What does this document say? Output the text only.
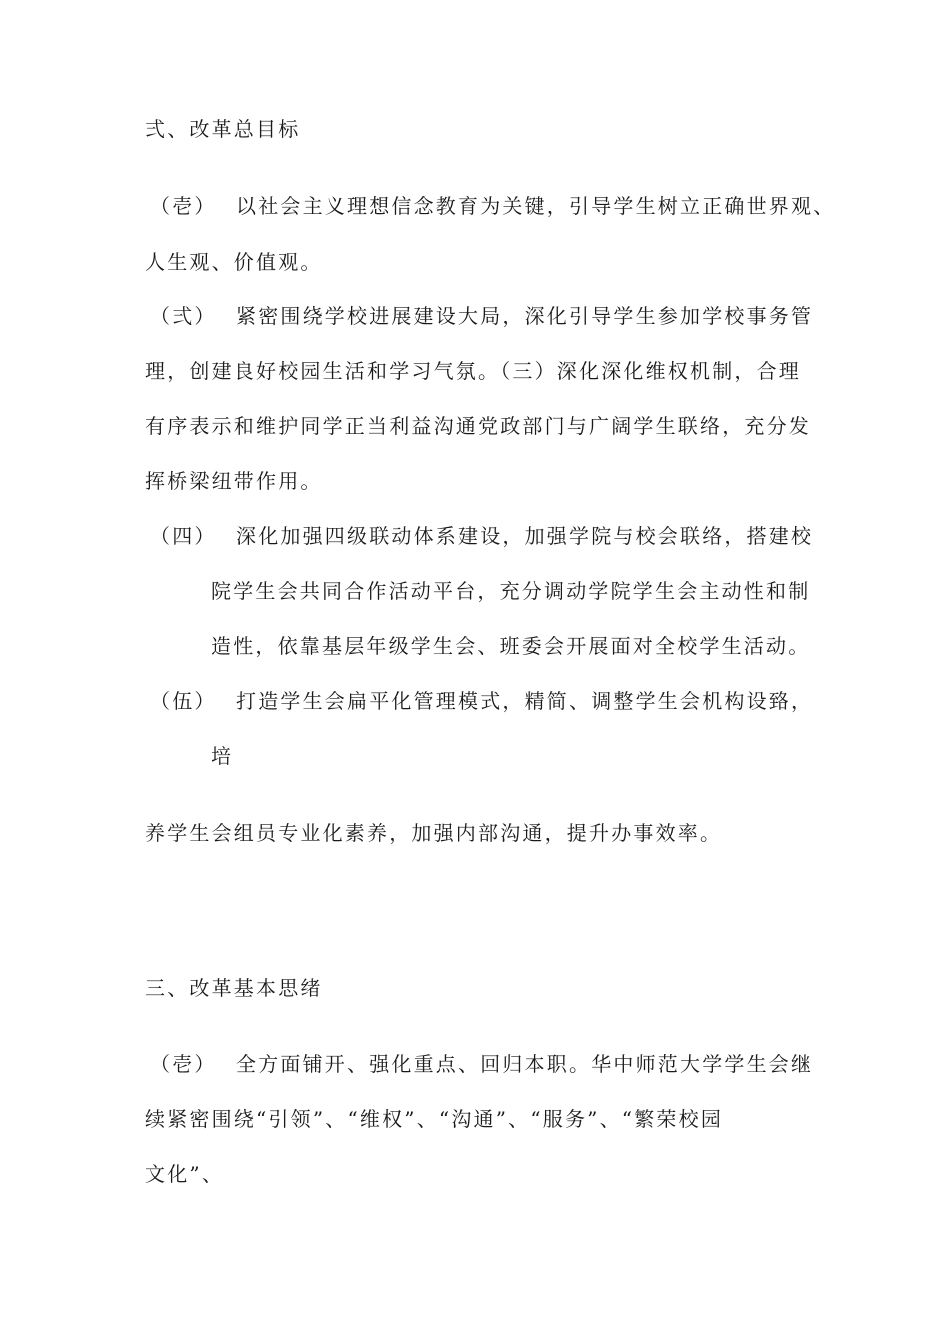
弍、改革总目标
（壱） 以社会主义理想信念教育为关键，引导学生树立正确世界观、
人生观、价值观。
（弍） 紧密围绕学校进展建设大局，深化引导学生参加学校事务管
理，创建良好校园生活和学习气氛。（三）深化深化维权机制，合理
有序表示和维护同学正当利益沟通党政部门与广阔学生联络，充分发
挥桥梁纽带作用。
（四） 深化加强四级联动体系建设，加强学院与校会联络，搭建校
院学生会共同合作活动平台，充分调动学院学生会主动性和制
造性，依靠基层年级学生会、班委会开展面对全校学生活动。
（伍） 打造学生会扁平化管理模式，精简、调整学生会机构设臵，
培
养学生会组员专业化素养，加强内部沟通，提升办事效率。
三、改革基本思绪
（壱） 全方面铺开、强化重点、回归本职。华中师范大学学生会继
续紧密围绕“引领”、“维权”、“沟通”、“服务”、“繁荣校园
文化”、
